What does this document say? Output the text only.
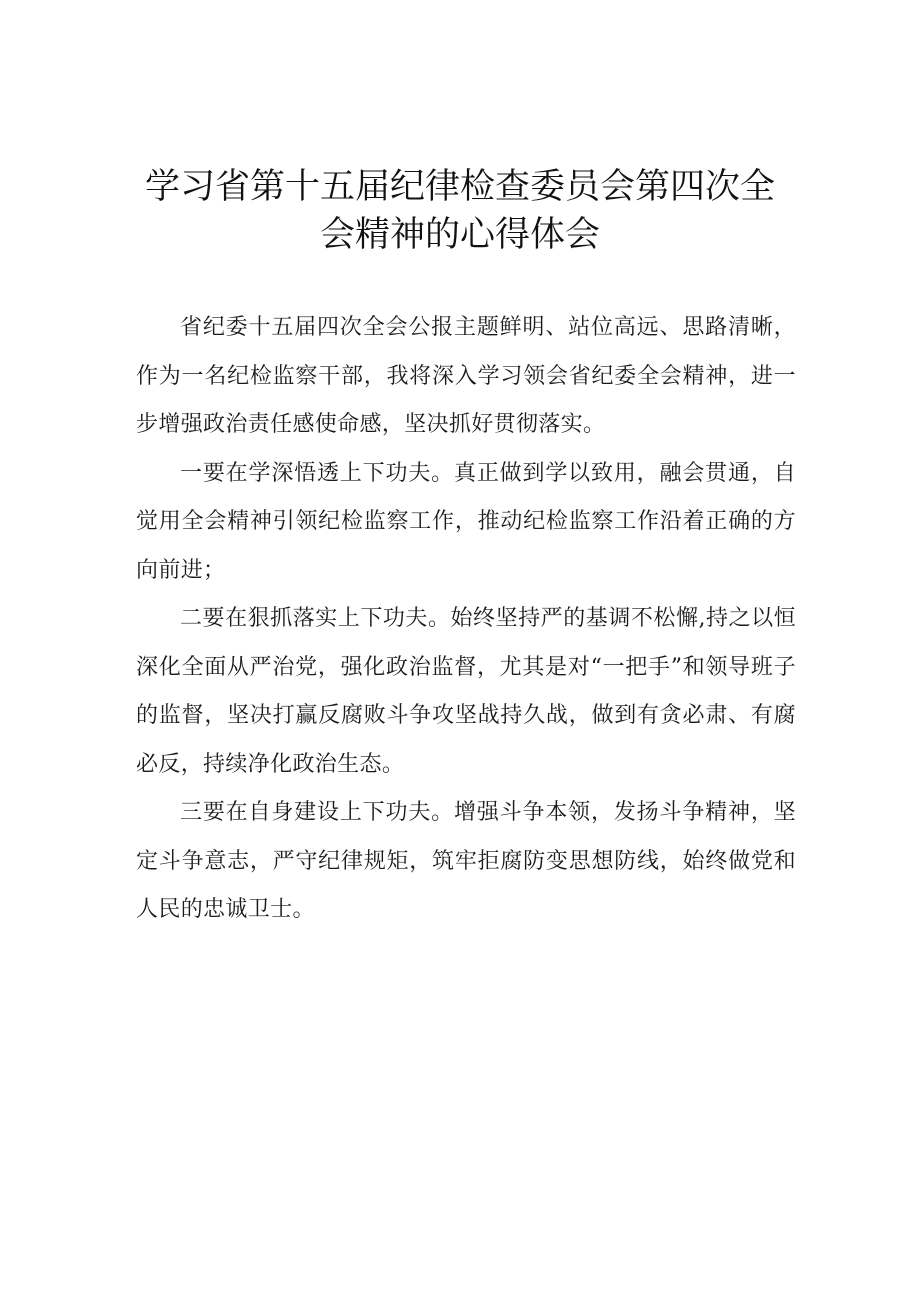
学习省第十五届纪律检查委员会第四次全
会精神的心得体会

省纪委十五届四次全会公报主题鲜明、站位高远、思路清晰，作为一名纪检监察干部，我将深入学习领会省纪委全会精神，进一步增强政治责任感使命感，坚决抓好贯彻落实。

一要在学深悟透上下功夫。真正做到学以致用，融会贯通，自觉用全会精神引领纪检监察工作，推动纪检监察工作沿着正确的方向前进；

二要在狠抓落实上下功夫。始终坚持严的基调不松懈,持之以恒深化全面从严治党，强化政治监督，尤其是对“一把手”和领导班子的监督，坚决打赢反腐败斗争攻坚战持久战，做到有贪必肃、有腐必反，持续净化政治生态。

三要在自身建设上下功夫。增强斗争本领，发扬斗争精神，坚定斗争意志，严守纪律规矩，筑牢拒腐防变思想防线，始终做党和人民的忠诚卫士。
